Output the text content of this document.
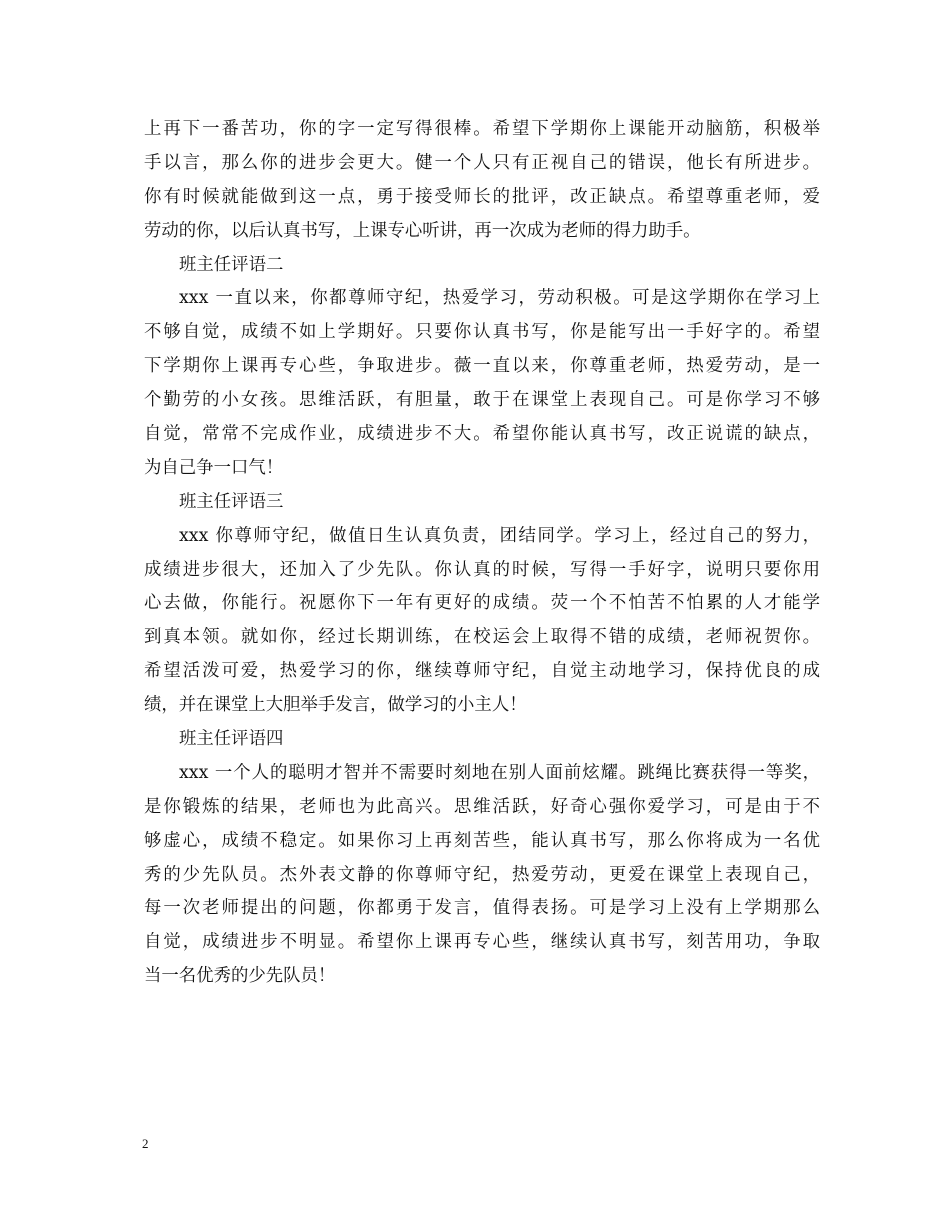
上再下一番苦功，你的字一定写得很棒。希望下学期你上课能开动脑筋，积极举
手以言，那么你的进步会更大。健一个人只有正视自己的错误，他长有所进步。
你有时候就能做到这一点，勇于接受师长的批评，改正缺点。希望尊重老师，爱
劳动的你，以后认真书写，上课专心听讲，再一次成为老师的得力助手。
班主任评语二
xxx 一直以来，你都尊师守纪，热爱学习，劳动积极。可是这学期你在学习上
不够自觉，成绩不如上学期好。只要你认真书写，你是能写出一手好字的。希望
下学期你上课再专心些，争取进步。薇一直以来，你尊重老师，热爱劳动，是一
个勤劳的小女孩。思维活跃，有胆量，敢于在课堂上表现自己。可是你学习不够
自觉，常常不完成作业，成绩进步不大。希望你能认真书写，改正说谎的缺点，
为自己争一口气！
班主任评语三
xxx 你尊师守纪，做值日生认真负责，团结同学。学习上，经过自己的努力，
成绩进步很大，还加入了少先队。你认真的时候，写得一手好字，说明只要你用
心去做，你能行。祝愿你下一年有更好的成绩。荧一个不怕苦不怕累的人才能学
到真本领。就如你，经过长期训练，在校运会上取得不错的成绩，老师祝贺你。
希望活泼可爱，热爱学习的你，继续尊师守纪，自觉主动地学习，保持优良的成
绩，并在课堂上大胆举手发言，做学习的小主人！
班主任评语四
xxx 一个人的聪明才智并不需要时刻地在别人面前炫耀。跳绳比赛获得一等奖，
是你锻炼的结果，老师也为此高兴。思维活跃，好奇心强你爱学习，可是由于不
够虚心，成绩不稳定。如果你习上再刻苦些，能认真书写，那么你将成为一名优
秀的少先队员。杰外表文静的你尊师守纪，热爱劳动，更爱在课堂上表现自己，
每一次老师提出的问题，你都勇于发言，值得表扬。可是学习上没有上学期那么
自觉，成绩进步不明显。希望你上课再专心些，继续认真书写，刻苦用功，争取
当一名优秀的少先队员！
2
